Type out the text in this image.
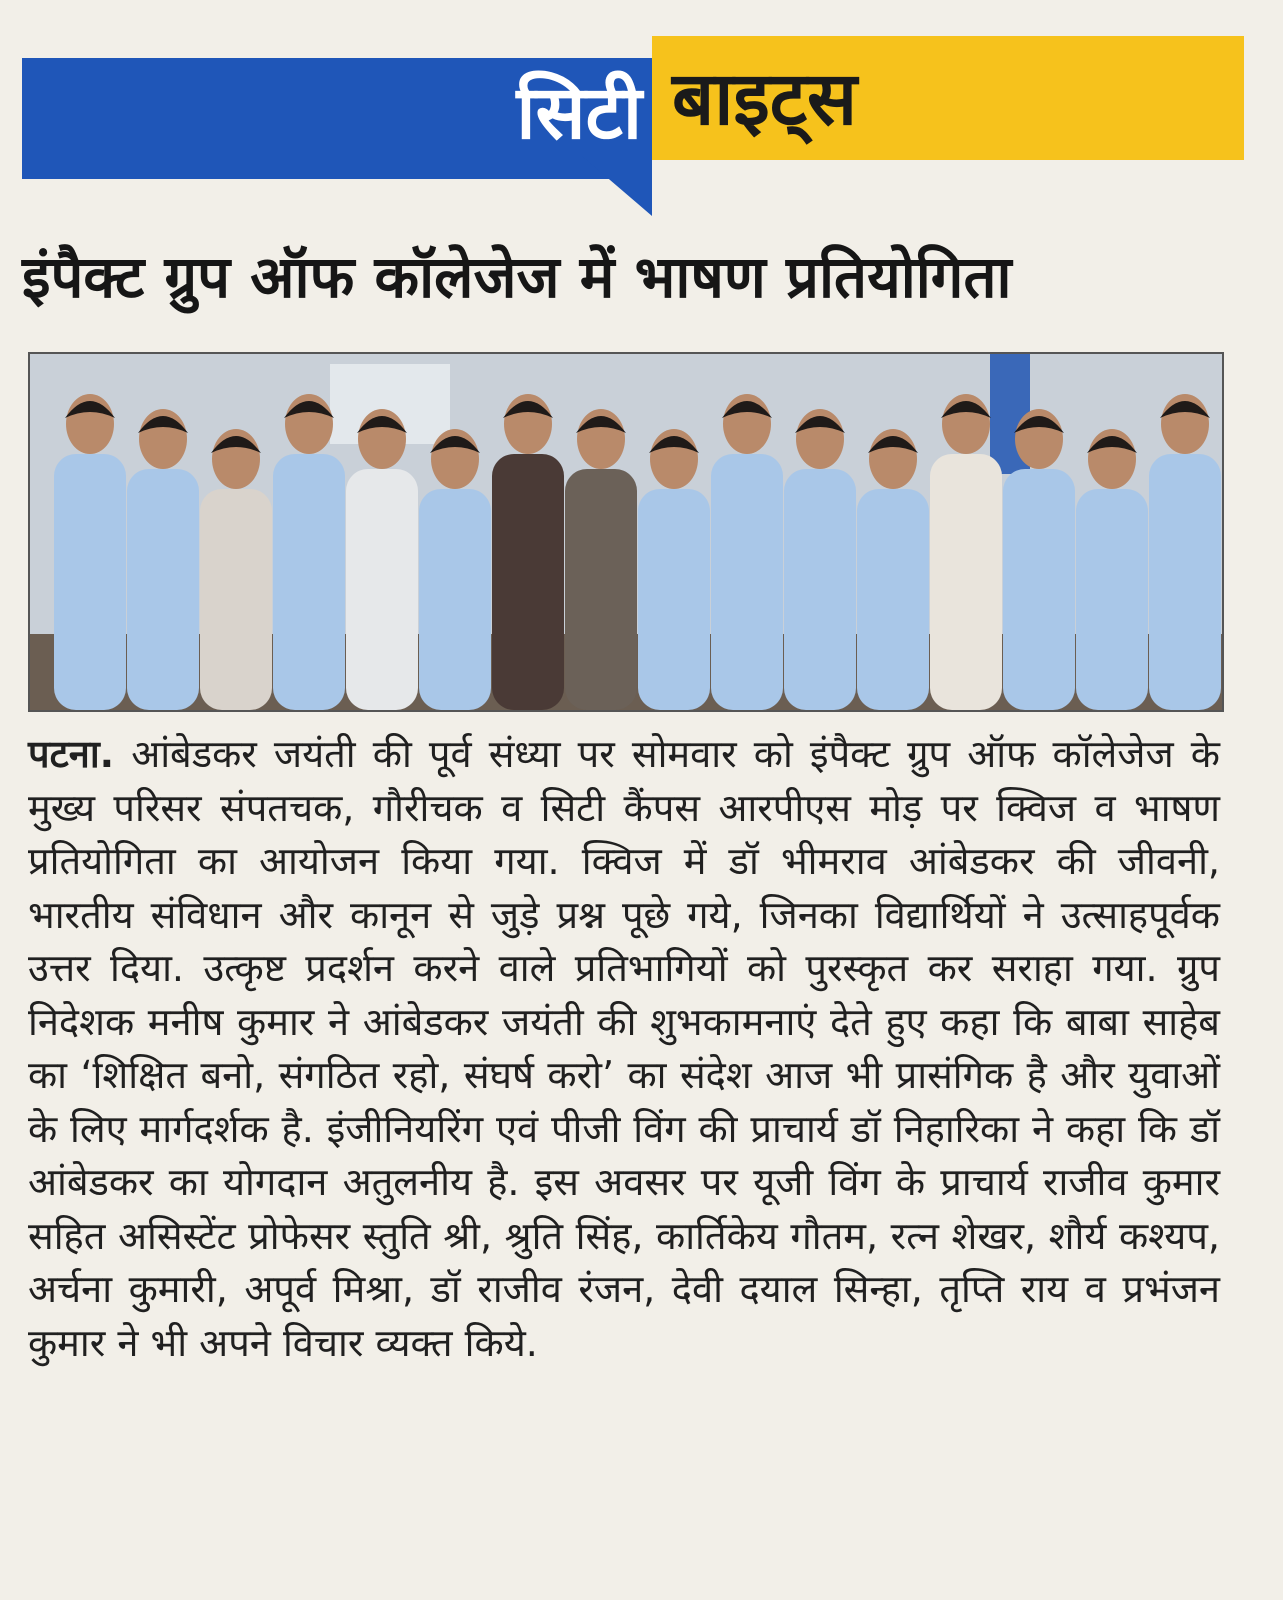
सिटी बाइट्स
इंपैक्ट ग्रुप ऑफ कॉलेजेज में भाषण प्रतियोगिता
पटना. आंबेडकर जयंती की पूर्व संध्या पर सोमवार को इंपैक्ट ग्रुप ऑफ कॉलेजेज के मुख्य परिसर संपतचक, गौरीचक व सिटी कैंपस आरपीएस मोड़ पर क्विज व भाषण प्रतियोगिता का आयोजन किया गया. क्विज में डॉ भीमराव आंबेडकर की जीवनी, भारतीय संविधान और कानून से जुड़े प्रश्न पूछे गये, जिनका विद्यार्थियों ने उत्साहपूर्वक उत्तर दिया. उत्कृष्ट प्रदर्शन करने वाले प्रतिभागियों को पुरस्कृत कर सराहा गया. ग्रुप निदेशक मनीष कुमार ने आंबेडकर जयंती की शुभकामनाएं देते हुए कहा कि बाबा साहेब का ‘शिक्षित बनो, संगठित रहो, संघर्ष करो’ का संदेश आज भी प्रासंगिक है और युवाओं के लिए मार्गदर्शक है. इंजीनियरिंग एवं पीजी विंग की प्राचार्य डॉ निहारिका ने कहा कि डॉ आंबेडकर का योगदान अतुलनीय है. इस अवसर पर यूजी विंग के प्राचार्य राजीव कुमार सहित असिस्टेंट प्रोफेसर स्तुति श्री, श्रुति सिंह, कार्तिकेय गौतम, रत्न शेखर, शौर्य कश्यप, अर्चना कुमारी, अपूर्व मिश्रा, डॉ राजीव रंजन, देवी दयाल सिन्हा, तृप्ति राय व प्रभंजन कुमार ने भी अपने विचार व्यक्त किये.
